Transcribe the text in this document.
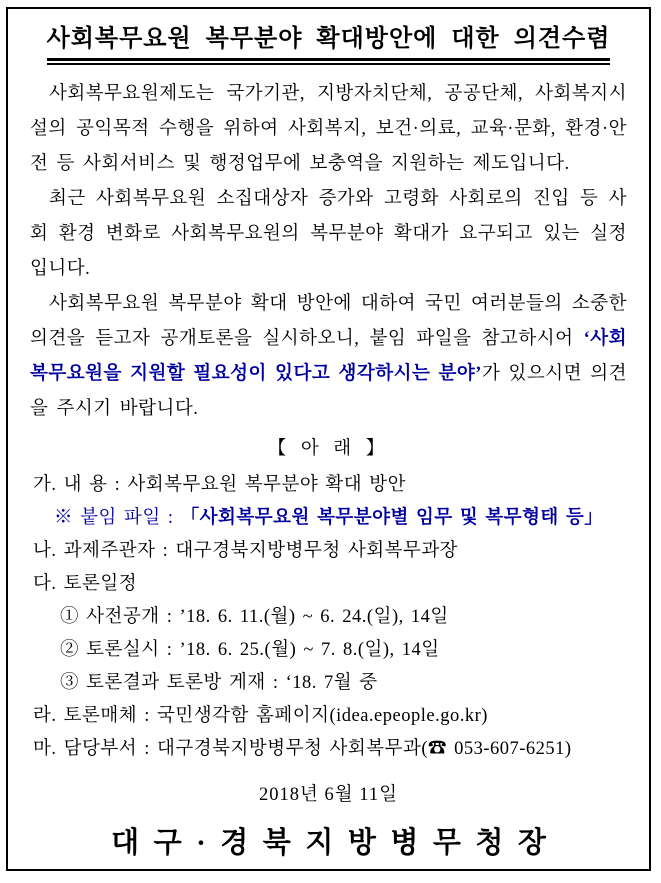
사회복무요원 복무분야 확대방안에 대한 의견수렴

사회복무요원제도는 국가기관, 지방자치단체, 공공단체, 사회복지시설의 공익목적 수행을 위하여 사회복지, 보건·의료, 교육·문화, 환경·안전 등 사회서비스 및 행정업무에 보충역을 지원하는 제도입니다.

최근 사회복무요원 소집대상자 증가와 고령화 사회로의 진입 등 사회 환경 변화로 사회복무요원의 복무분야 확대가 요구되고 있는 실정입니다.

사회복무요원 복무분야 확대 방안에 대하여 국민 여러분들의 소중한 의견을 듣고자 공개토론을 실시하오니, 붙임 파일을 참고하시어 ‘사회복무요원을 지원할 필요성이 있다고 생각하시는 분야’가 있으시면 의견을 주시기 바랍니다.

【 아 래 】
가. 내 용 : 사회복무요원 복무분야 확대 방안
※ 붙임 파일 : 「사회복무요원 복무분야별 임무 및 복무형태 등」
나. 과제주관자 : 대구경북지방병무청 사회복무과장
다. 토론일정
① 사전공개 : ’18. 6. 11.(월) ~ 6. 24.(일), 14일
② 토론실시 : ’18. 6. 25.(월) ~ 7. 8.(일), 14일
③ 토론결과 토론방 게재 : ‘18. 7월 중
라. 토론매체 : 국민생각함 홈페이지(idea.epeople.go.kr)
마. 담당부서 : 대구경북지방병무청 사회복무과(☎ 053-607-6251)
2018년 6월 11일
대구·경북지방병무청장
